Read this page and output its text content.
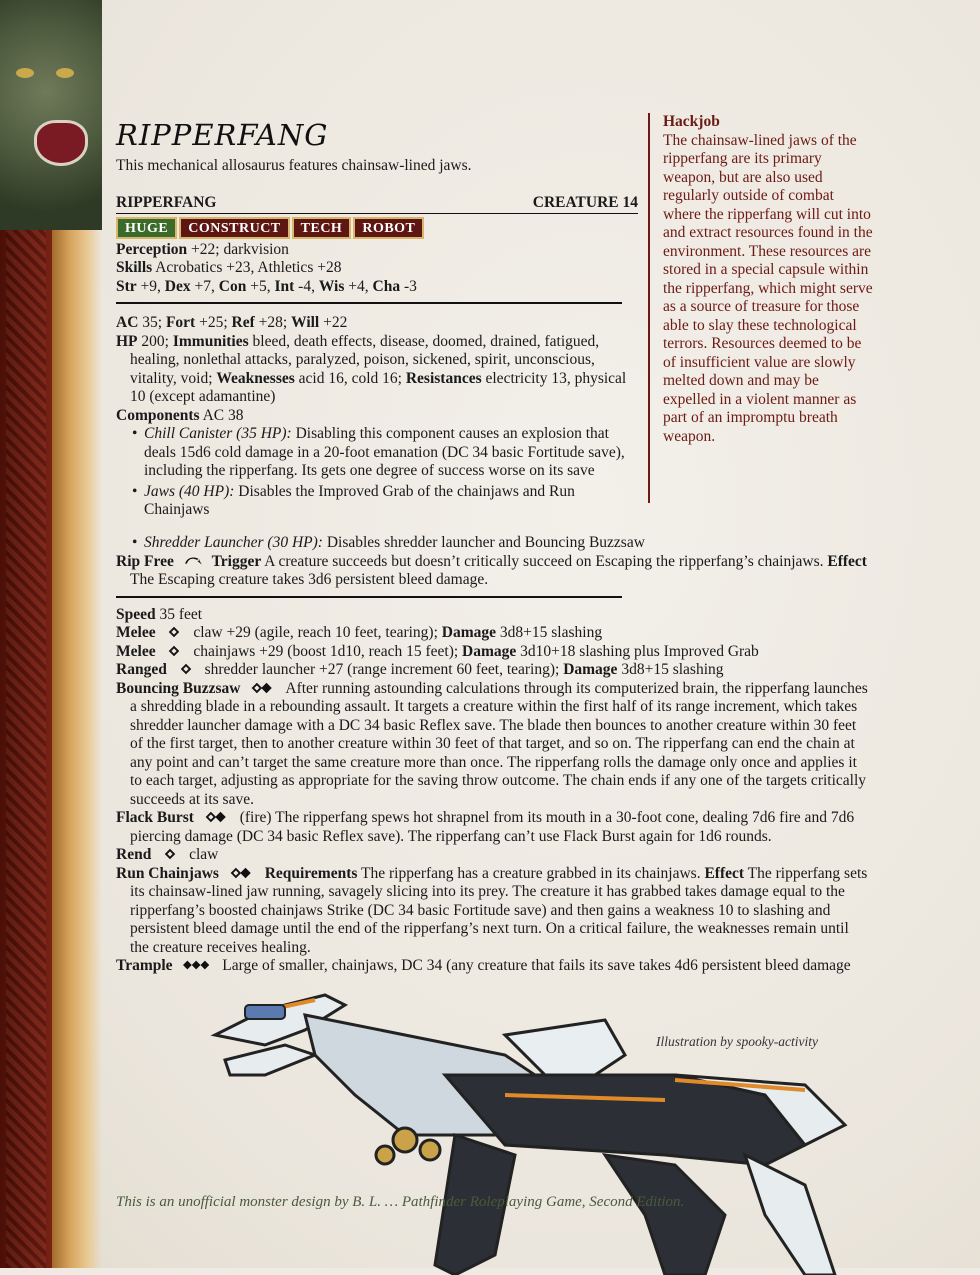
RIPPERFANG
This mechanical allosaurus features chainsaw-lined jaws.
RIPPERFANG	CREATURE 14
HUGE	CONSTRUCT	TECH	ROBOT
Perception +22; darkvision
Skills Acrobatics +23, Athletics +28
Str +9, Dex +7, Con +5, Int -4, Wis +4, Cha -3
AC 35; Fort +25; Ref +28; Will +22
HP 200; Immunities bleed, death effects, disease, doomed, drained, fatigued, healing, nonlethal attacks, paralyzed, poison, sickened, spirit, unconscious, vitality, void; Weaknesses acid 16, cold 16; Resistances electricity 13, physical 10 (except adamantine)
Components AC 38
• Chill Canister (35 HP): Disabling this component causes an explosion that deals 15d6 cold damage in a 20-foot emanation (DC 34 basic Fortitude save), including the ripperfang. Its gets one degree of success worse on its save
• Jaws (40 HP): Disables the Improved Grab of the chainjaws and Run Chainjaws
• Shredder Launcher (30 HP): Disables shredder launcher and Bouncing Buzzsaw
Rip Free Trigger A creature succeeds but doesn’t critically succeed on Escaping the ripperfang’s chainjaws. Effect The Escaping creature takes 3d6 persistent bleed damage.
Speed 35 feet
Melee claw +29 (agile, reach 10 feet, tearing); Damage 3d8+15 slashing
Melee chainjaws +29 (boost 1d10, reach 15 feet); Damage 3d10+18 slashing plus Improved Grab
Ranged shredder launcher +27 (range increment 60 feet, tearing); Damage 3d8+15 slashing
Bouncing Buzzsaw	After running astounding calculations through its computerized brain, the ripperfang launches a shredding blade in a rebounding assault. It targets a creature within the first half of its range increment, which takes shredder launcher damage with a DC 34 basic Reflex save. The blade then bounces to another creature within 30 feet of the first target, then to another creature within 30 feet of that target, and so on. The ripperfang can end the chain at any point and can’t target the same creature more than once. The ripperfang rolls the damage only once and applies it to each target, adjusting as appropriate for the saving throw outcome. The chain ends if any one of the targets critically succeeds at its save.
Flack Burst	(fire) The ripperfang spews hot shrapnel from its mouth in a 30-foot cone, dealing 7d6 fire and 7d6 piercing damage (DC 34 basic Reflex save). The ripperfang can’t use Flack Burst again for 1d6 rounds.
Rend claw
Run Chainjaws	Requirements The ripperfang has a creature grabbed in its chainjaws. Effect The ripperfang sets its chainsaw-lined jaw running, savagely slicing into its prey. The creature it has grabbed takes damage equal to the ripperfang’s boosted chainjaws Strike (DC 34 basic Fortitude save) and then gains a weakness 10 to slashing and persistent bleed damage until the end of the ripperfang’s next turn. On a critical failure, the weaknesses remain until the creature receives healing.
Trample	Large of smaller, chainjaws, DC 34 (any creature that fails its save takes 4d6 persistent bleed damage
Hackjob
The chainsaw-lined jaws of the ripperfang are its primary weapon, but are also used regularly outside of combat where the ripperfang will cut into and extract resources found in the environment. These resources are stored in a special capsule within the ripperfang, which might serve as a source of treasure for those able to slay these technological terrors. Resources deemed to be of insufficient value are slowly melted down and may be expelled in a violent manner as part of an impromptu breath weapon.
Illustration by spooky-activity
This is an unofficial monster design by B. L. … Pathfinder Roleplaying Game, Second Edition.
